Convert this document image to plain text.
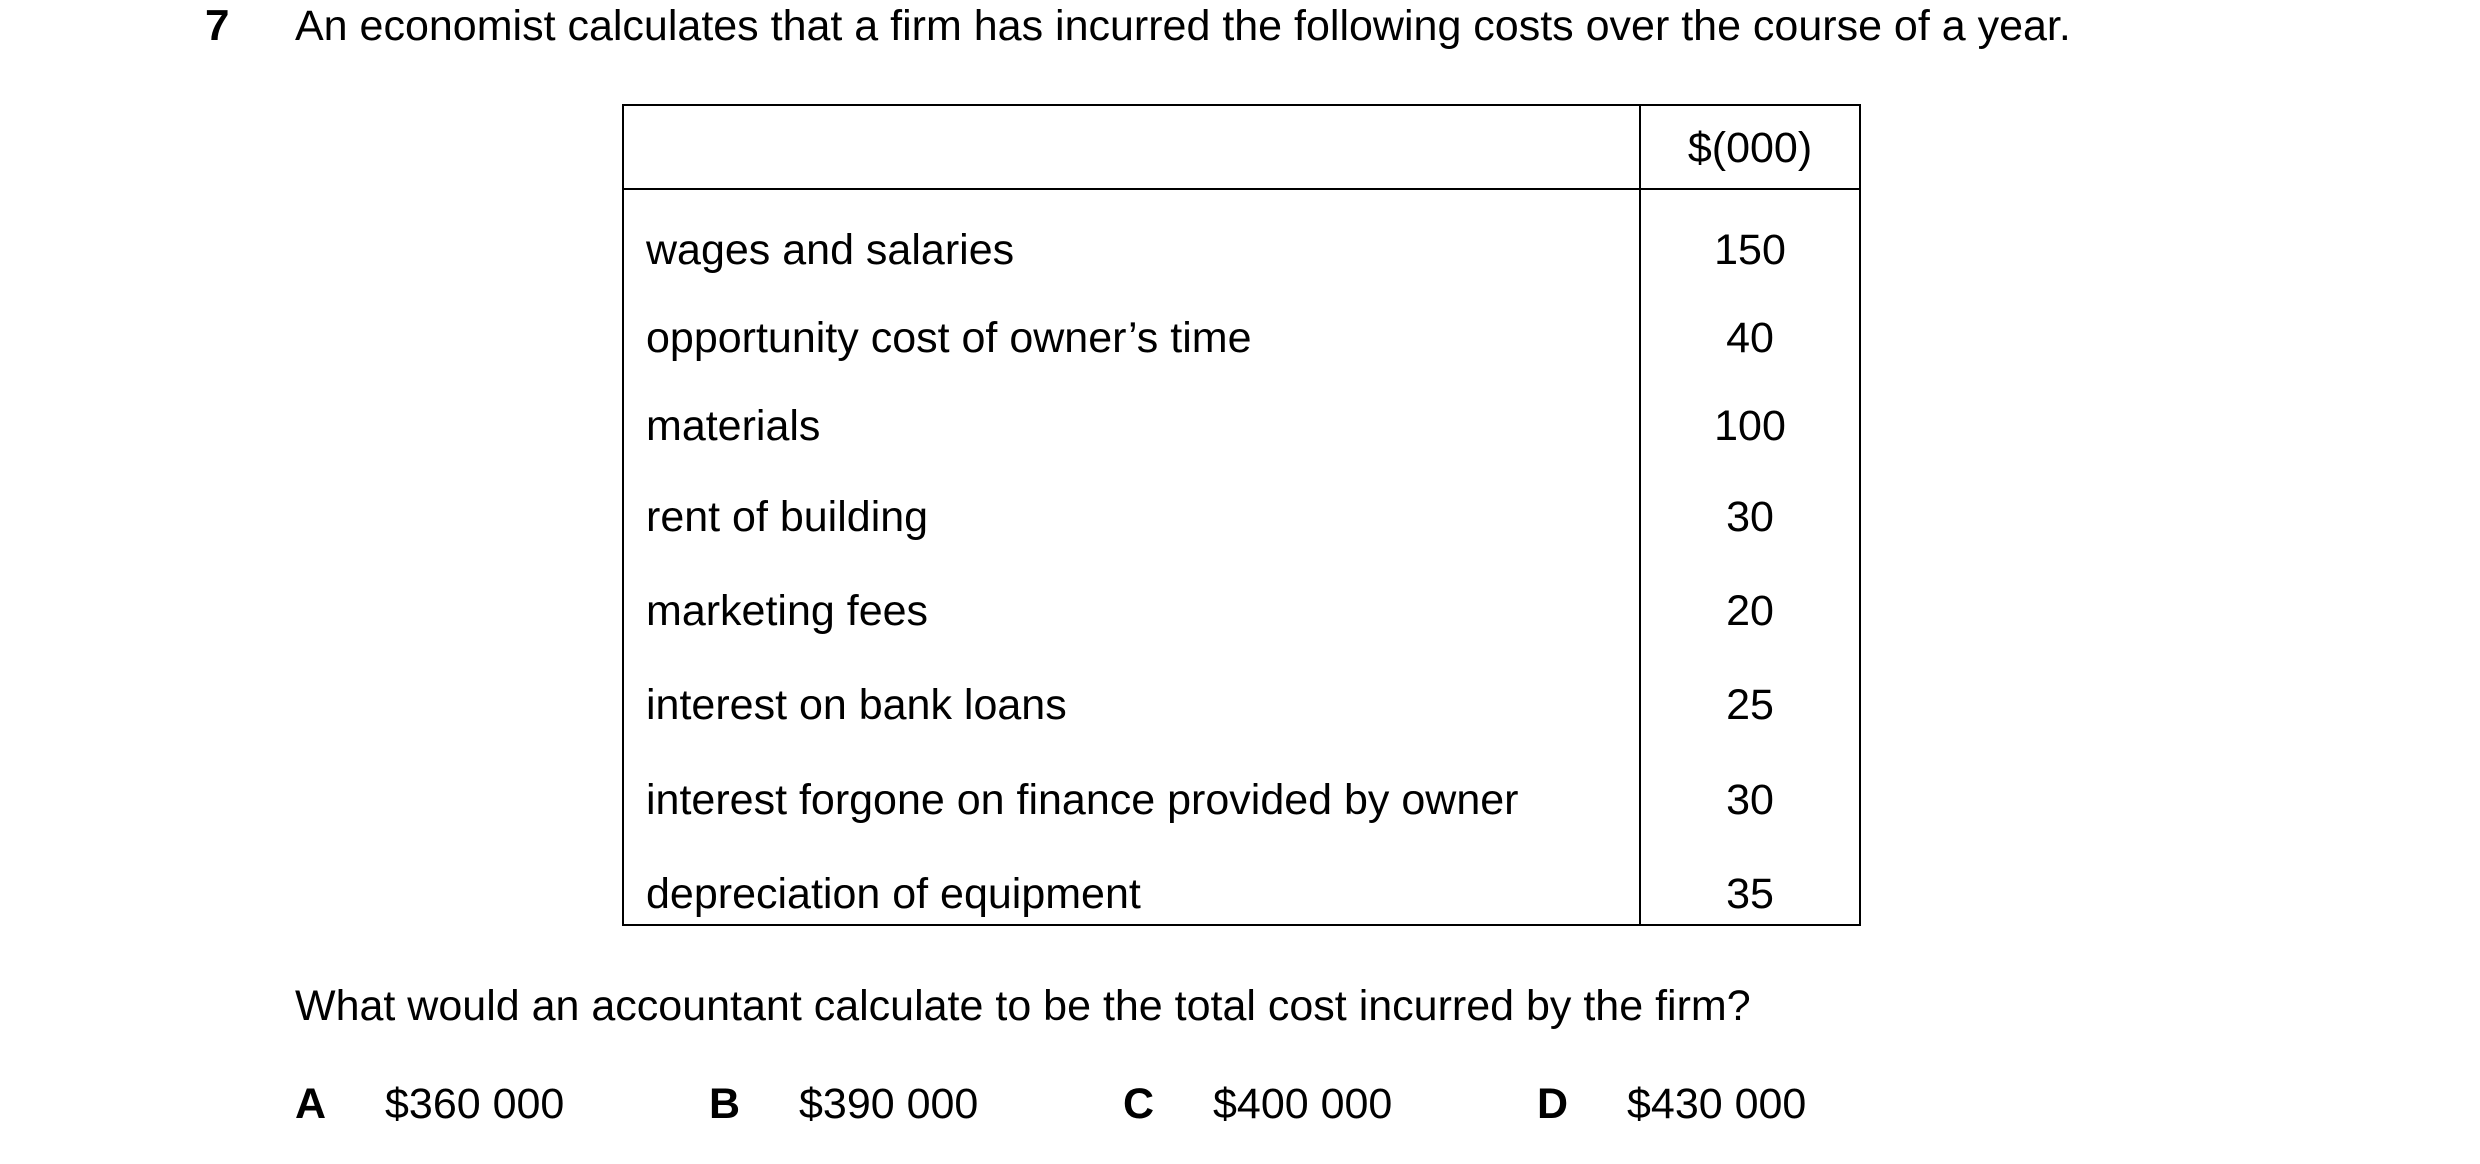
7 An economist calculates that a firm has incurred the following costs over the course of a year.
$(000)
wages and salaries	150
opportunity cost of owner’s time	40
materials	100
rent of building	30
marketing fees	20
interest on bank loans	25
interest forgone on finance provided by owner	30
depreciation of equipment	35
What would an accountant calculate to be the total cost incurred by the firm?
A $360 000	B $390 000	C $400 000	D $430 000
